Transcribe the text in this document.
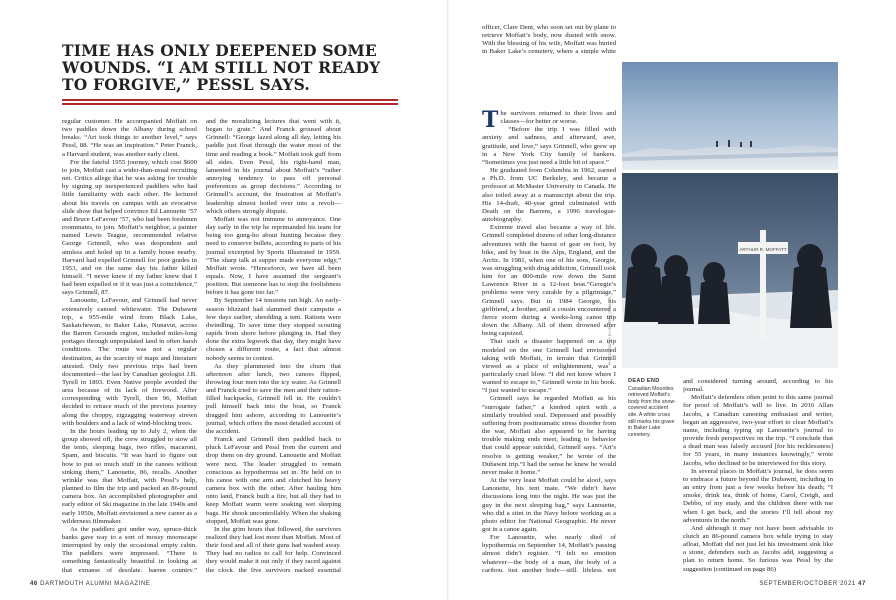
TIME HAS ONLY DEEPENED SOME
WOUNDS. “I AM STILL NOT READY
TO FORGIVE,” PESSL SAYS.

regular customer. He accompanied Moffatt on two paddles down the Albany during school breaks. “Art took things to another level,” says Pessl, 88. “He was an inspiration.” Peter Franck, a Harvard student, was another early client.

For the fateful 1955 journey, which cost $600 to join, Moffatt cast a wider-than-usual recruiting net. Critics allege that he was asking for trouble by signing up inexperienced paddlers who had little familiarity with each other. He lectured about his travels on campus with an evocative slide show that helped convince Ed Lanouette ’57 and Bruce LeFavour ’57, who had been freshmen roommates, to join. Moffatt’s neighbor, a painter named Lewis Teague, recommended relative George Grinnell, who was despondent and aimless and holed up in a family house nearby. Harvard had expelled Grinnell for poor grades in 1953, and on the same day his father killed himself. “I never knew if my father knew that I had been expelled or if it was just a coincidence,” says Grinnell, 87.

Lanouette, LeFavour, and Grinnell had never extensively canoed whitewater. The Dubawnt trip, a 955-mile wind from Black Lake, Saskatchewan, to Baker Lake, Nunavut, across the Barren Grounds region, included miles-long portages through unpopulated land in often harsh conditions. The route was not a regular destination, as the scarcity of maps and literature attested. Only two previous trips had been documented—the last by Canadian geologist J.B. Tyrell in 1893. Even Native people avoided the area because of its lack of firewood. After corresponding with Tyrell, then 96, Moffatt decided to retrace much of the previous journey along the choppy, zigzagging waterway strewn with boulders and a lack of wind-blocking trees.

In the hours leading up to July 2, when the group showed off, the crew struggled to stow all the tents, sleeping bags, two rifles, macaroni, Spam, and biscuits. “It was hard to figure out how to put so much stuff in the canoes without sinking them,” Lanouette, 86, recalls. Another wrinkle was that Moffatt, with Pessl’s help, planned to film the trip and packed an 86-pound camera box. An accomplished photographer and early editor of Ski magazine in the late 1940s and early 1950s, Moffatt envisioned a new career as a wilderness filmmaker.

As the paddlers got under way, spruce-thick banks gave way to a sort of mossy moonscape interrupted by only the occasional empty cabin. The paddlers were impressed. “There is something fantastically beautiful in looking at that expanse of desolate, barren country,”

and the moralizing lectures that went with it, began to grate.” And Franck groused about Grinnell: “George lazed along all day, letting his paddle just float through the water most of the time and reading a book.” Moffatt took guff from all sides. Even Pessl, his right-hand man, lamented in his journal about Moffatt’s “rather annoying tendency to pass off personal preferences as group decisions.” According to Grinnell’s account, the frustration at Moffatt’s leadership almost boiled over into a revolt—which others strongly dispute.

Moffatt was not immune to annoyance. One day early in the trip he reprimanded his team for being too gung-ho about hunting because they need to conserve bullets, according to parts of his journal excerpted by Sports Illustrated in 1959. “The sharp talk at supper made everyone edgy,” Moffatt wrote. “Henceforce, we have all been equals. Now, I have assumed the sergeant’s position. But someone has to stop the foolishness before it has gone too far.”

By September 14 tensions ran high. An early-season blizzard had slammed their campsite a few days earlier, shredding a tent. Rations were dwindling. To save time they stopped scouting rapids from shore before plunging in. Had they done the extra legwork that day, they might have chosen a different route, a fact that almost nobody seems to contest.

As they plummeted into the churn that afternoon after lunch, two canoes flipped, throwing four men into the icy water. As Grinnell and Franck tried to save the men and their ration-filled backpacks, Grinnell fell in. He couldn’t pull himself back into the boat, so Franck dragged him ashore, according to Lanouette’s journal, which offers the most detailed account of the accident.

Franck and Grinnell then paddled back to pluck LeFavour and Pessl from the current and drop them on dry ground. Lanouette and Moffatt were next. The leader struggled to remain conscious as hypothermia set in. He held on to his canoe with one arm and clutched his heavy camera box with the other. After hauling him onto land, Franck built a fire, but all they had to keep Moffatt warm were soaking wet sleeping bags. He shook uncontrollably. When the shaking stopped, Moffatt was gone.

In the grim hours that followed, the survivors realized they had lost more than Moffatt. Most of their food and all of their guns had washed away. They had no radios to call for help. Convinced they would make it out only if they raced against the clock, the five survivors packed essential

officer, Clare Dent, who soon set out by plane to retrieve Moffatt’s body, now dusted with snow. With the blessing of his wife, Moffatt was buried in Baker Lake’s cemetery, where a simple white

The survivors returned to their lives and classes—for better or worse.

“Before the trip I was filled with anxiety and sadness, and afterward, awe, gratitude, and love,” says Grinnell, who grew up in a New York City family of bankers. “Sometimes you just need a little bit of space.”

He graduated from Columbia in 1962, earned a Ph.D. from UC Berkeley, and became a professor at McMaster University in Canada. He also toiled away at a manuscript about the trip. His 14-draft, 40-year grind culminated with Death on the Barrens, a 1996 travelogue-autobiography.

Extreme travel also became a way of life. Grinnell completed dozens of other long-distance adventures with the barest of gear on foot, by bike, and by boat in the Alps, England, and the Arctic. In 1981, when one of his sons, Georgie, was struggling with drug addiction, Grinnell took him for an 800-mile row down the Saint Lawrence River in a 12-foot boat.“Georgie’s problems were very curable by a pilgrimage,” Grinnell says. But in 1984 Georgie, his girlfriend, a brother, and a cousin encountered a fierce storm during a weeks-long canoe trip down the Albany. All of them drowned after being capsized.

That such a disaster happened on a trip modeled on the one Grinnell had envisioned taking with Moffatt, in terrain that Grinnell viewed as a place of enlightenment, was a particularly cruel blow. “I did not know where I wanted to escape to,” Grinnell wrote in his book. “I just wanted to escape.”

Grinnell says he regarded Moffatt as his “surrogate father,” a kindred spirit with a similarly troubled soul. Depressed and possibly suffering from posttraumatic stress disorder from the war, Moffatt also appeared to be having trouble making ends meet, leading to behavior that could appear suicidal, Grinnell says. “Art’s resolve is getting weaker,” he wrote of the Dubawnt trip.“I had the sense he knew he would never make it home.”

At the very least Moffatt could be aloof, says Lanouette, his tent mate. “We didn’t have discussions long into the night. He was just the guy in the next sleeping bag,” says Lanouette, who did a stint in the Navy before working as a photo editor for National Geographic. He never got in a canoe again.

For Lanouette, who nearly died of hypothermia on September 14, Moffatt’s passing almost didn’t register. “I felt no emotion whatever—the body of a man, the body of a caribou, just another body—still, lifeless, not

ARTHUR R. MOFFATT
PHOTOGRAPHY BY GEORGE GRINNELL
DEAD END
Canadian Mounties retrieved Moffatt’s body from the snow-covered accident site. A white cross still marks his grave in Baker Lake cemetery.

and considered turning around, according to his journal.

Moffatt’s defenders often point to this same journal for proof of Moffatt’s will to live. In 2016 Allan Jacobs, a Canadian canoeing enthusiast and writer, began an aggressive, two-year effort to clear Moffatt’s name, including typing up Lanouette’s journal to provide fresh perspectives on the trip. “I conclude that a dead man was falsely accused [for his recklessness] for 55 years, in many instances knowingly,” wrote Jacobs, who declined to be interviewed for this story.

In several places in Moffatt’s journal, he does seem to embrace a future beyond the Dubawnt, including in an entry from just a few weeks before his death; “I smoke, drink tea, think of home, Carol, Creigh, and Debbo, of my study, and the children there with me when I get back, and the stories I’ll tell about my adventures in the north.”

And although it may not have been advisable to clutch an 86-pound camera box while trying to stay afloat, Moffatt did not just let his investment sink like a stone, defenders such as Jacobs add, suggesting a plan to return home. So furious was Pessl by the suggestion (continued on page 86)

46 DARTMOUTH ALUMNI MAGAZINE	SEPTEMBER/OCTOBER 2021 47
